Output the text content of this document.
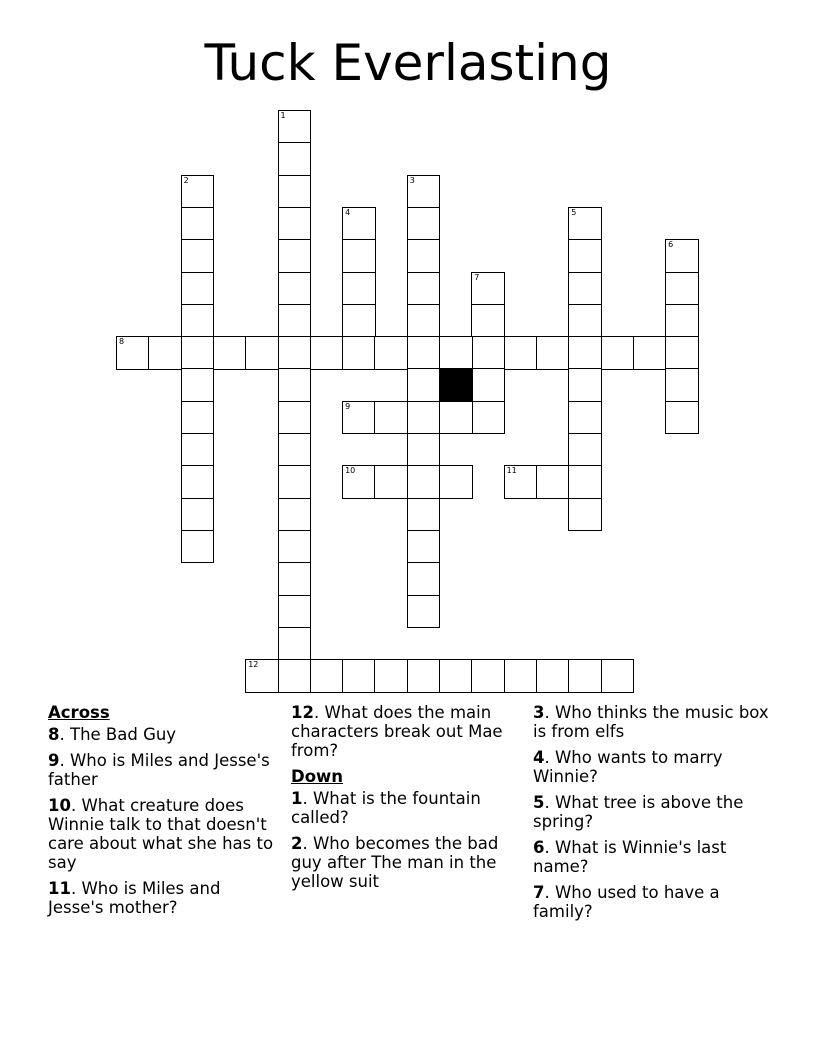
Tuck Everlasting
1
2	3
4	5
6
7
8
9
10	11
12
Across
8. The Bad Guy
9. Who is Miles and Jesse's father
10. What creature does Winnie talk to that doesn't care about what she has to say
11. Who is Miles and Jesse's mother?
12. What does the main characters break out Mae from?
Down
1. What is the fountain called?
2. Who becomes the bad guy after The man in the yellow suit
3. Who thinks the music box is from elfs
4. Who wants to marry Winnie?
5. What tree is above the spring?
6. What is Winnie's last name?
7. Who used to have a family?
